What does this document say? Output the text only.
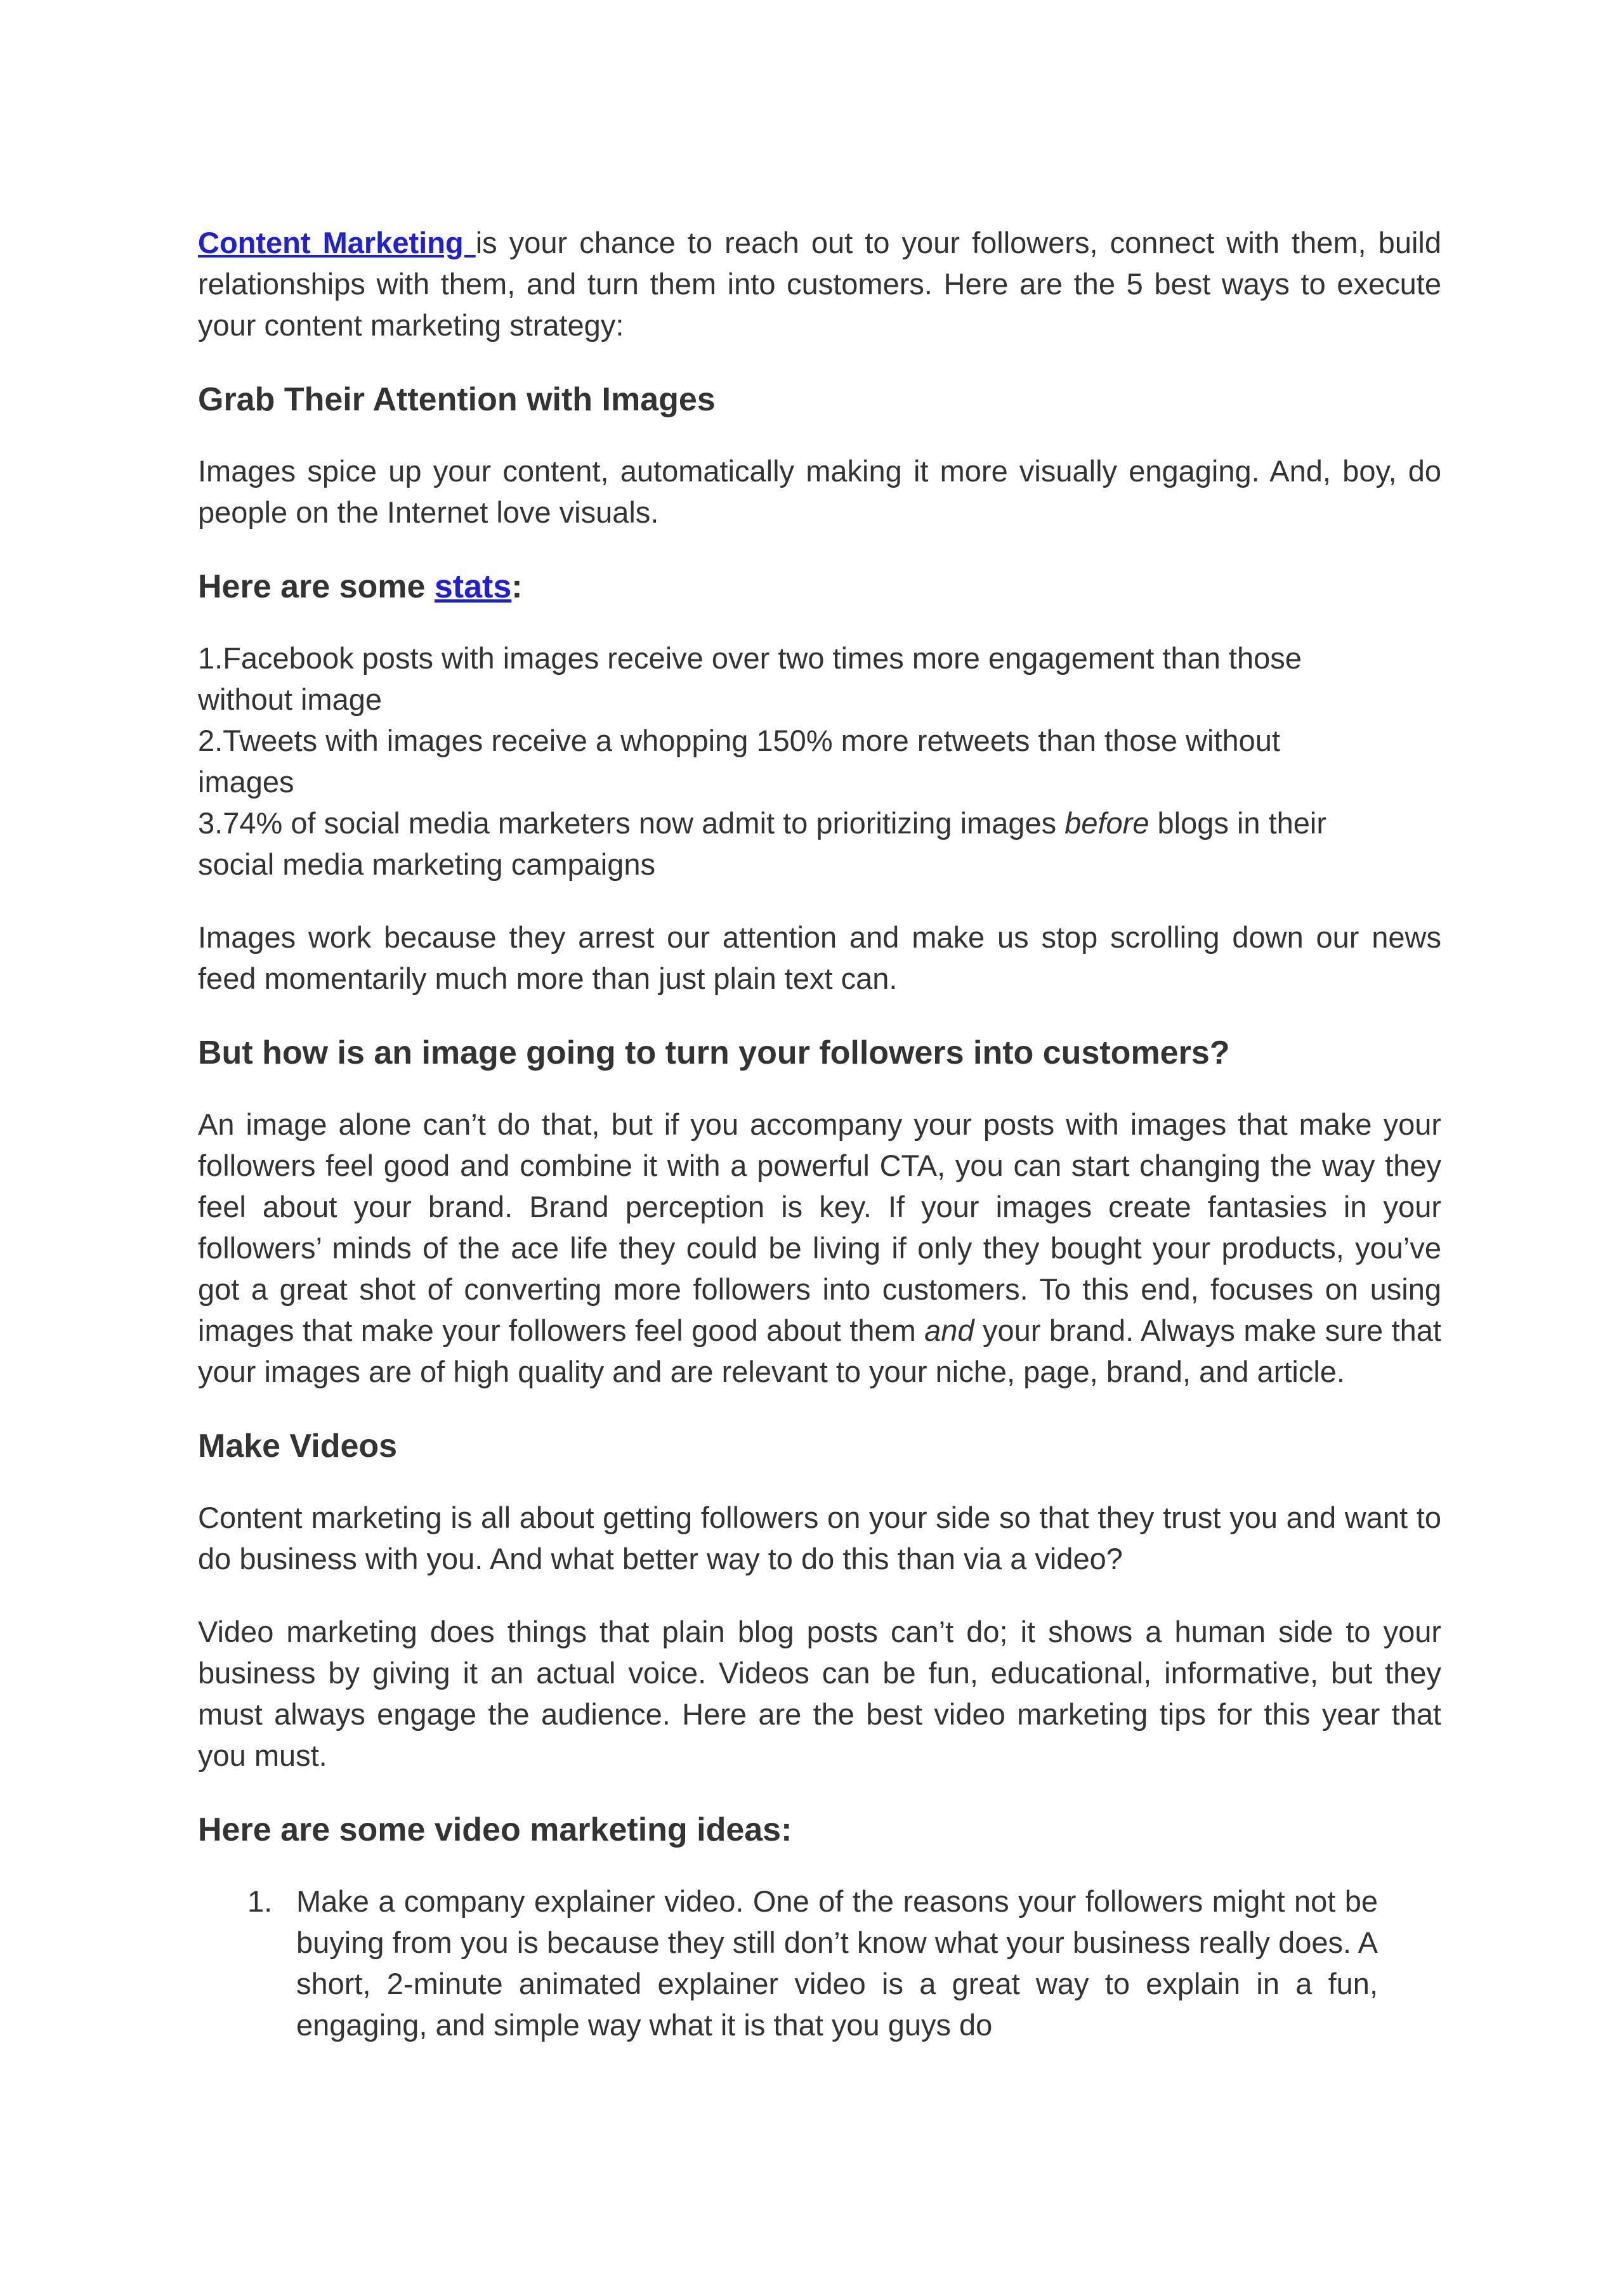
Content Marketing is your chance to reach out to your followers, connect with them, build relationships with them, and turn them into customers. Here are the 5 best ways to execute your content marketing strategy:

Grab Their Attention with Images

Images spice up your content, automatically making it more visually engaging. And, boy, do people on the Internet love visuals.

Here are some stats:
1.Facebook posts with images receive over two times more engagement than those without image
2.Tweets with images receive a whopping 150% more retweets than those without images
3.74% of social media marketers now admit to prioritizing images before blogs in their social media marketing campaigns

Images work because they arrest our attention and make us stop scrolling down our news feed momentarily much more than just plain text can.

But how is an image going to turn your followers into customers?

An image alone can’t do that, but if you accompany your posts with images that make your followers feel good and combine it with a powerful CTA, you can start changing the way they feel about your brand. Brand perception is key. If your images create fantasies in your followers’ minds of the ace life they could be living if only they bought your products, you’ve got a great shot of converting more followers into customers. To this end, focuses on using images that make your followers feel good about them and your brand. Always make sure that your images are of high quality and are relevant to your niche, page, brand, and article.

Make Videos

Content marketing is all about getting followers on your side so that they trust you and want to do business with you. And what better way to do this than via a video?

Video marketing does things that plain blog posts can’t do; it shows a human side to your business by giving it an actual voice. Videos can be fun, educational, informative, but they must always engage the audience. Here are the best video marketing tips for this year that you must.

Here are some video marketing ideas:
1. Make a company explainer video. One of the reasons your followers might not be buying from you is because they still don’t know what your business really does. A short, 2-minute animated explainer video is a great way to explain in a fun, engaging, and simple way what it is that you guys do
